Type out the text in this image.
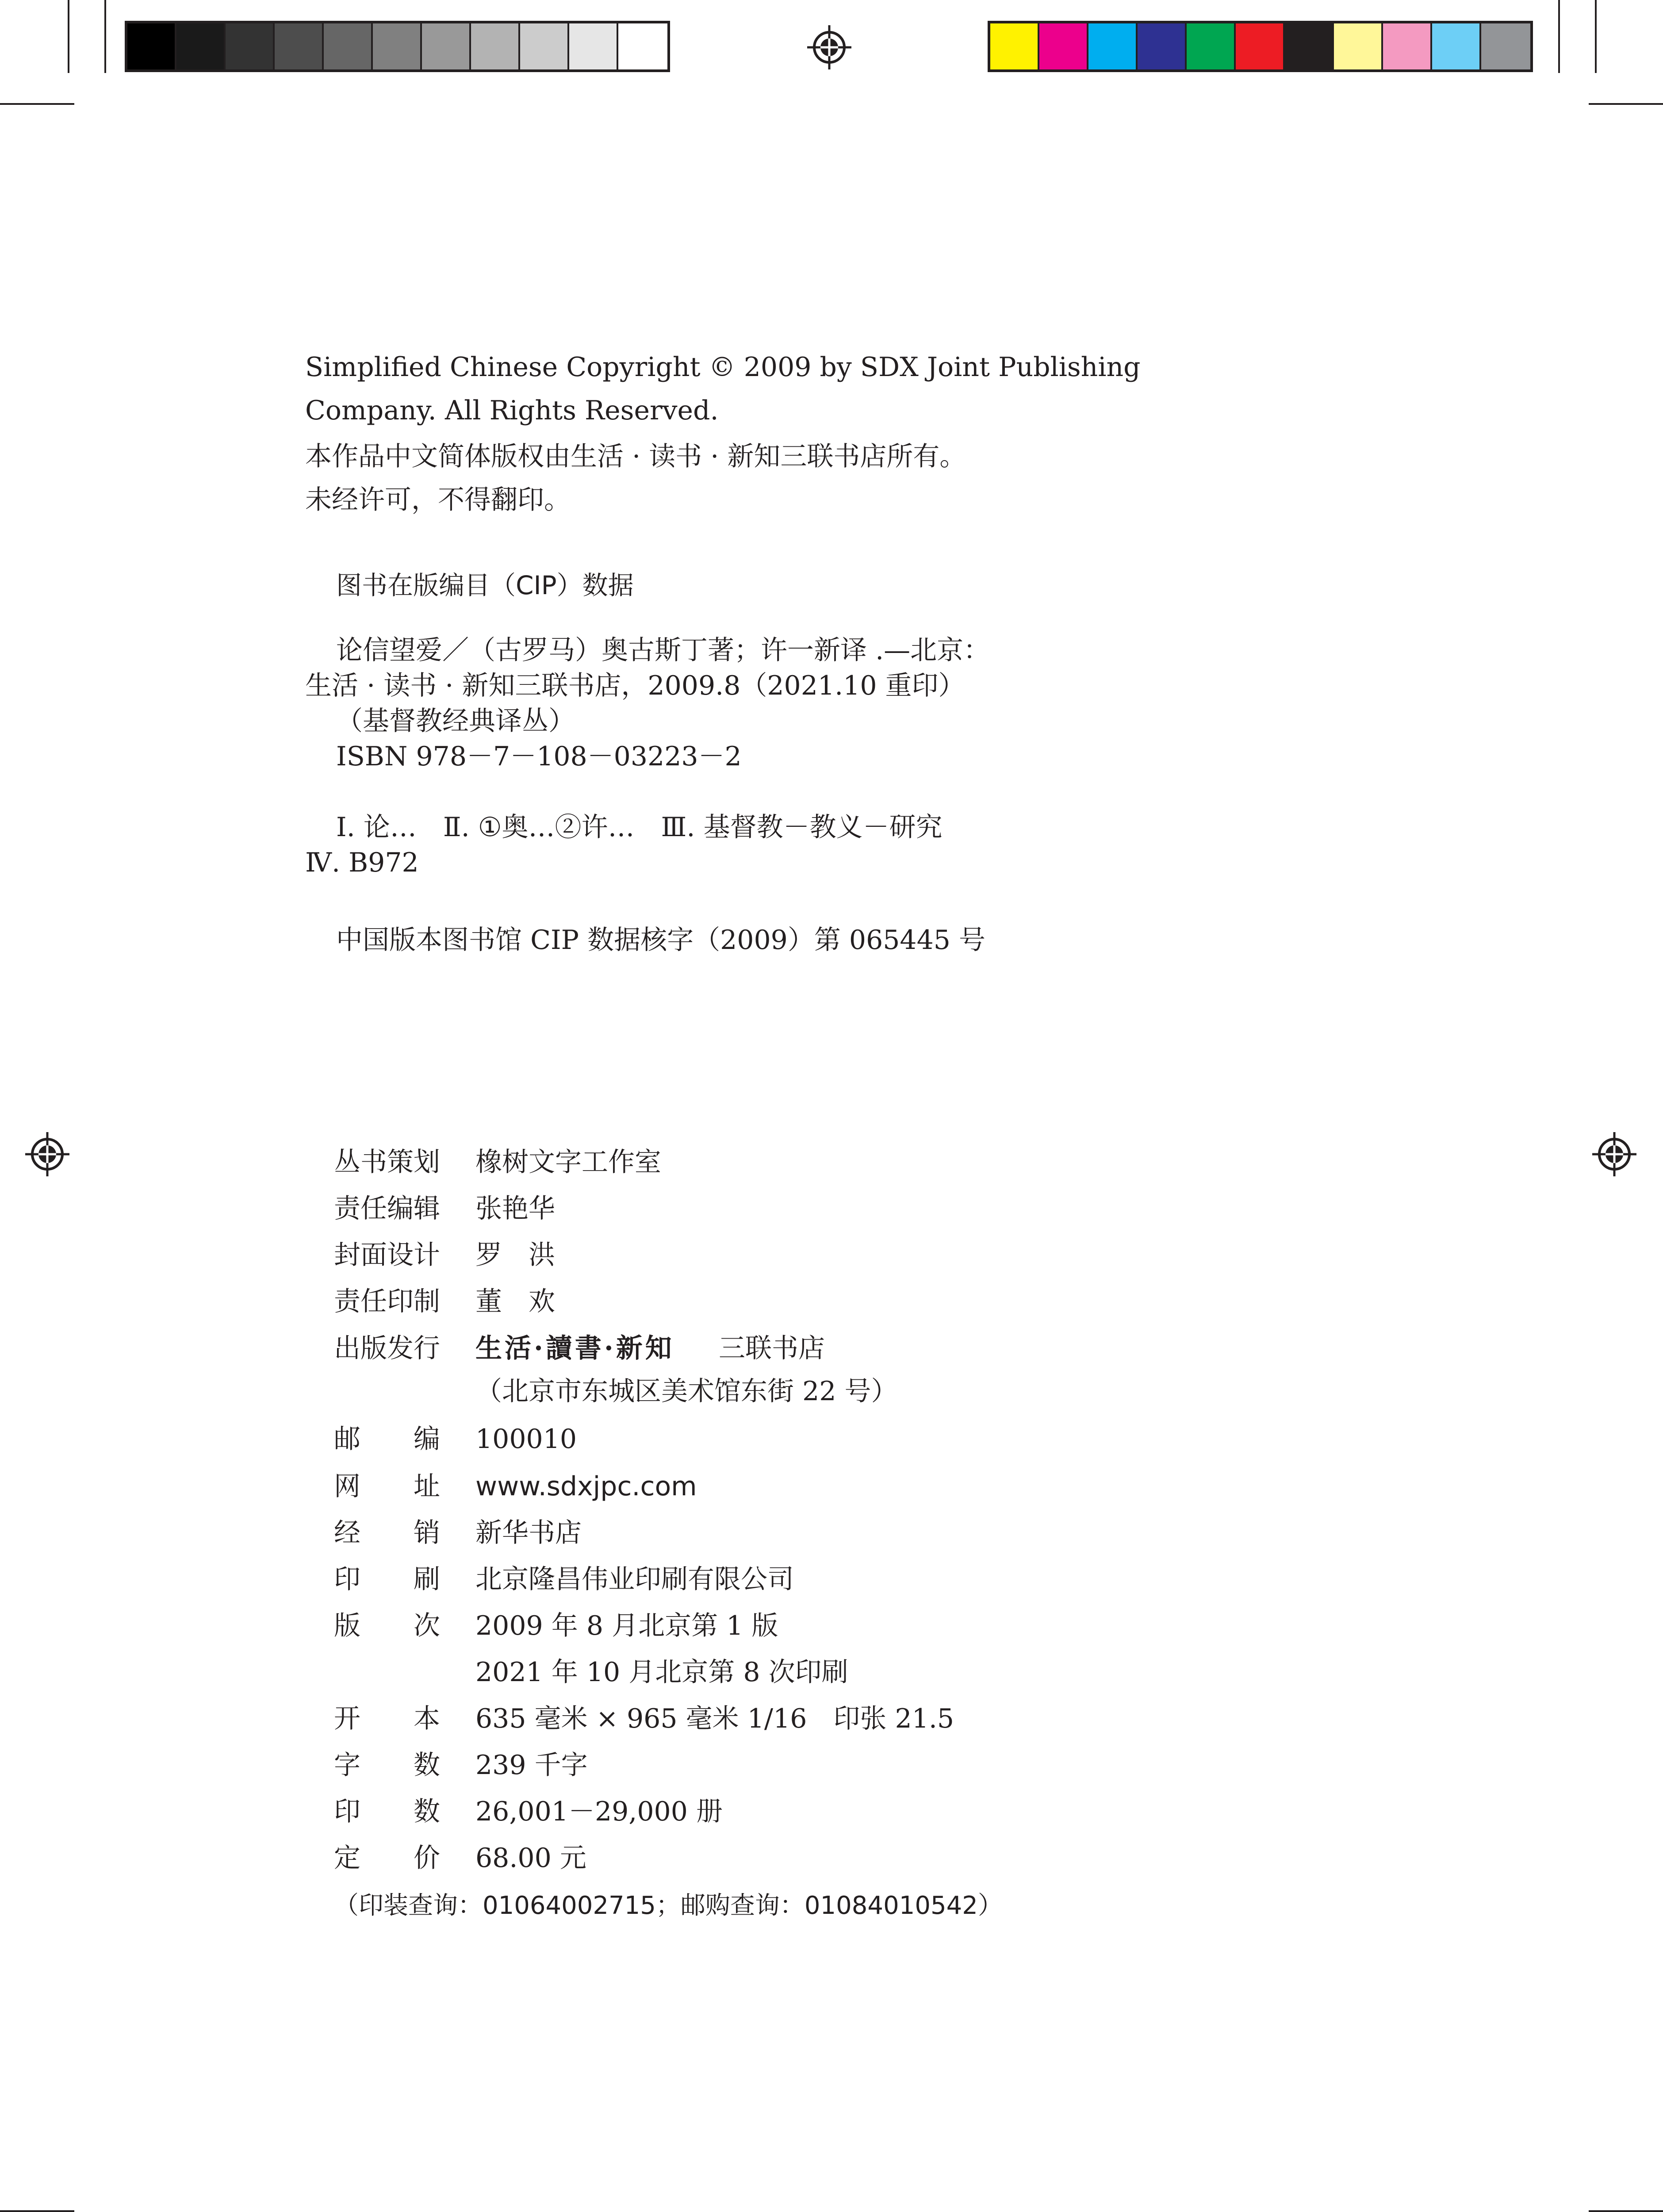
Simplified Chinese Copyright © 2009 by SDX Joint Publishing
Company. All Rights Reserved.
本作品中文简体版权由生活 · 读书 · 新知三联书店所有。
未经许可，不得翻印。
图书在版编目（CIP）数据
论信望爱／（古罗马）奥古斯丁著；许一新译 .—北京：
生活 · 读书 · 新知三联书店，2009.8（2021.10 重印）
（基督教经典译丛）
ISBN 978－7－108－03223－2
Ⅰ. 论…　Ⅱ. ①奥…②许…　Ⅲ. 基督教－教义－研究
Ⅳ. B972
中国版本图书馆 CIP 数据核字（2009）第 065445 号
丛书策划 橡树文字工作室
责任编辑 张艳华
封面设计 罗　洪
责任印制 董　欢
出版发行 生活·讀書·新知 三联书店
（北京市东城区美术馆东街 22 号）
邮　　编 100010
网　　址 www.sdxjpc.com
经　　销 新华书店
印　　刷 北京隆昌伟业印刷有限公司
版　　次 2009 年 8 月北京第 1 版
2021 年 10 月北京第 8 次印刷
开　　本 635 毫米 × 965 毫米 1/16　印张 21.5
字　　数 239 千字
印　　数 26,001－29,000 册
定　　价 68.00 元
（印装查询：01064002715；邮购查询：01084010542）
